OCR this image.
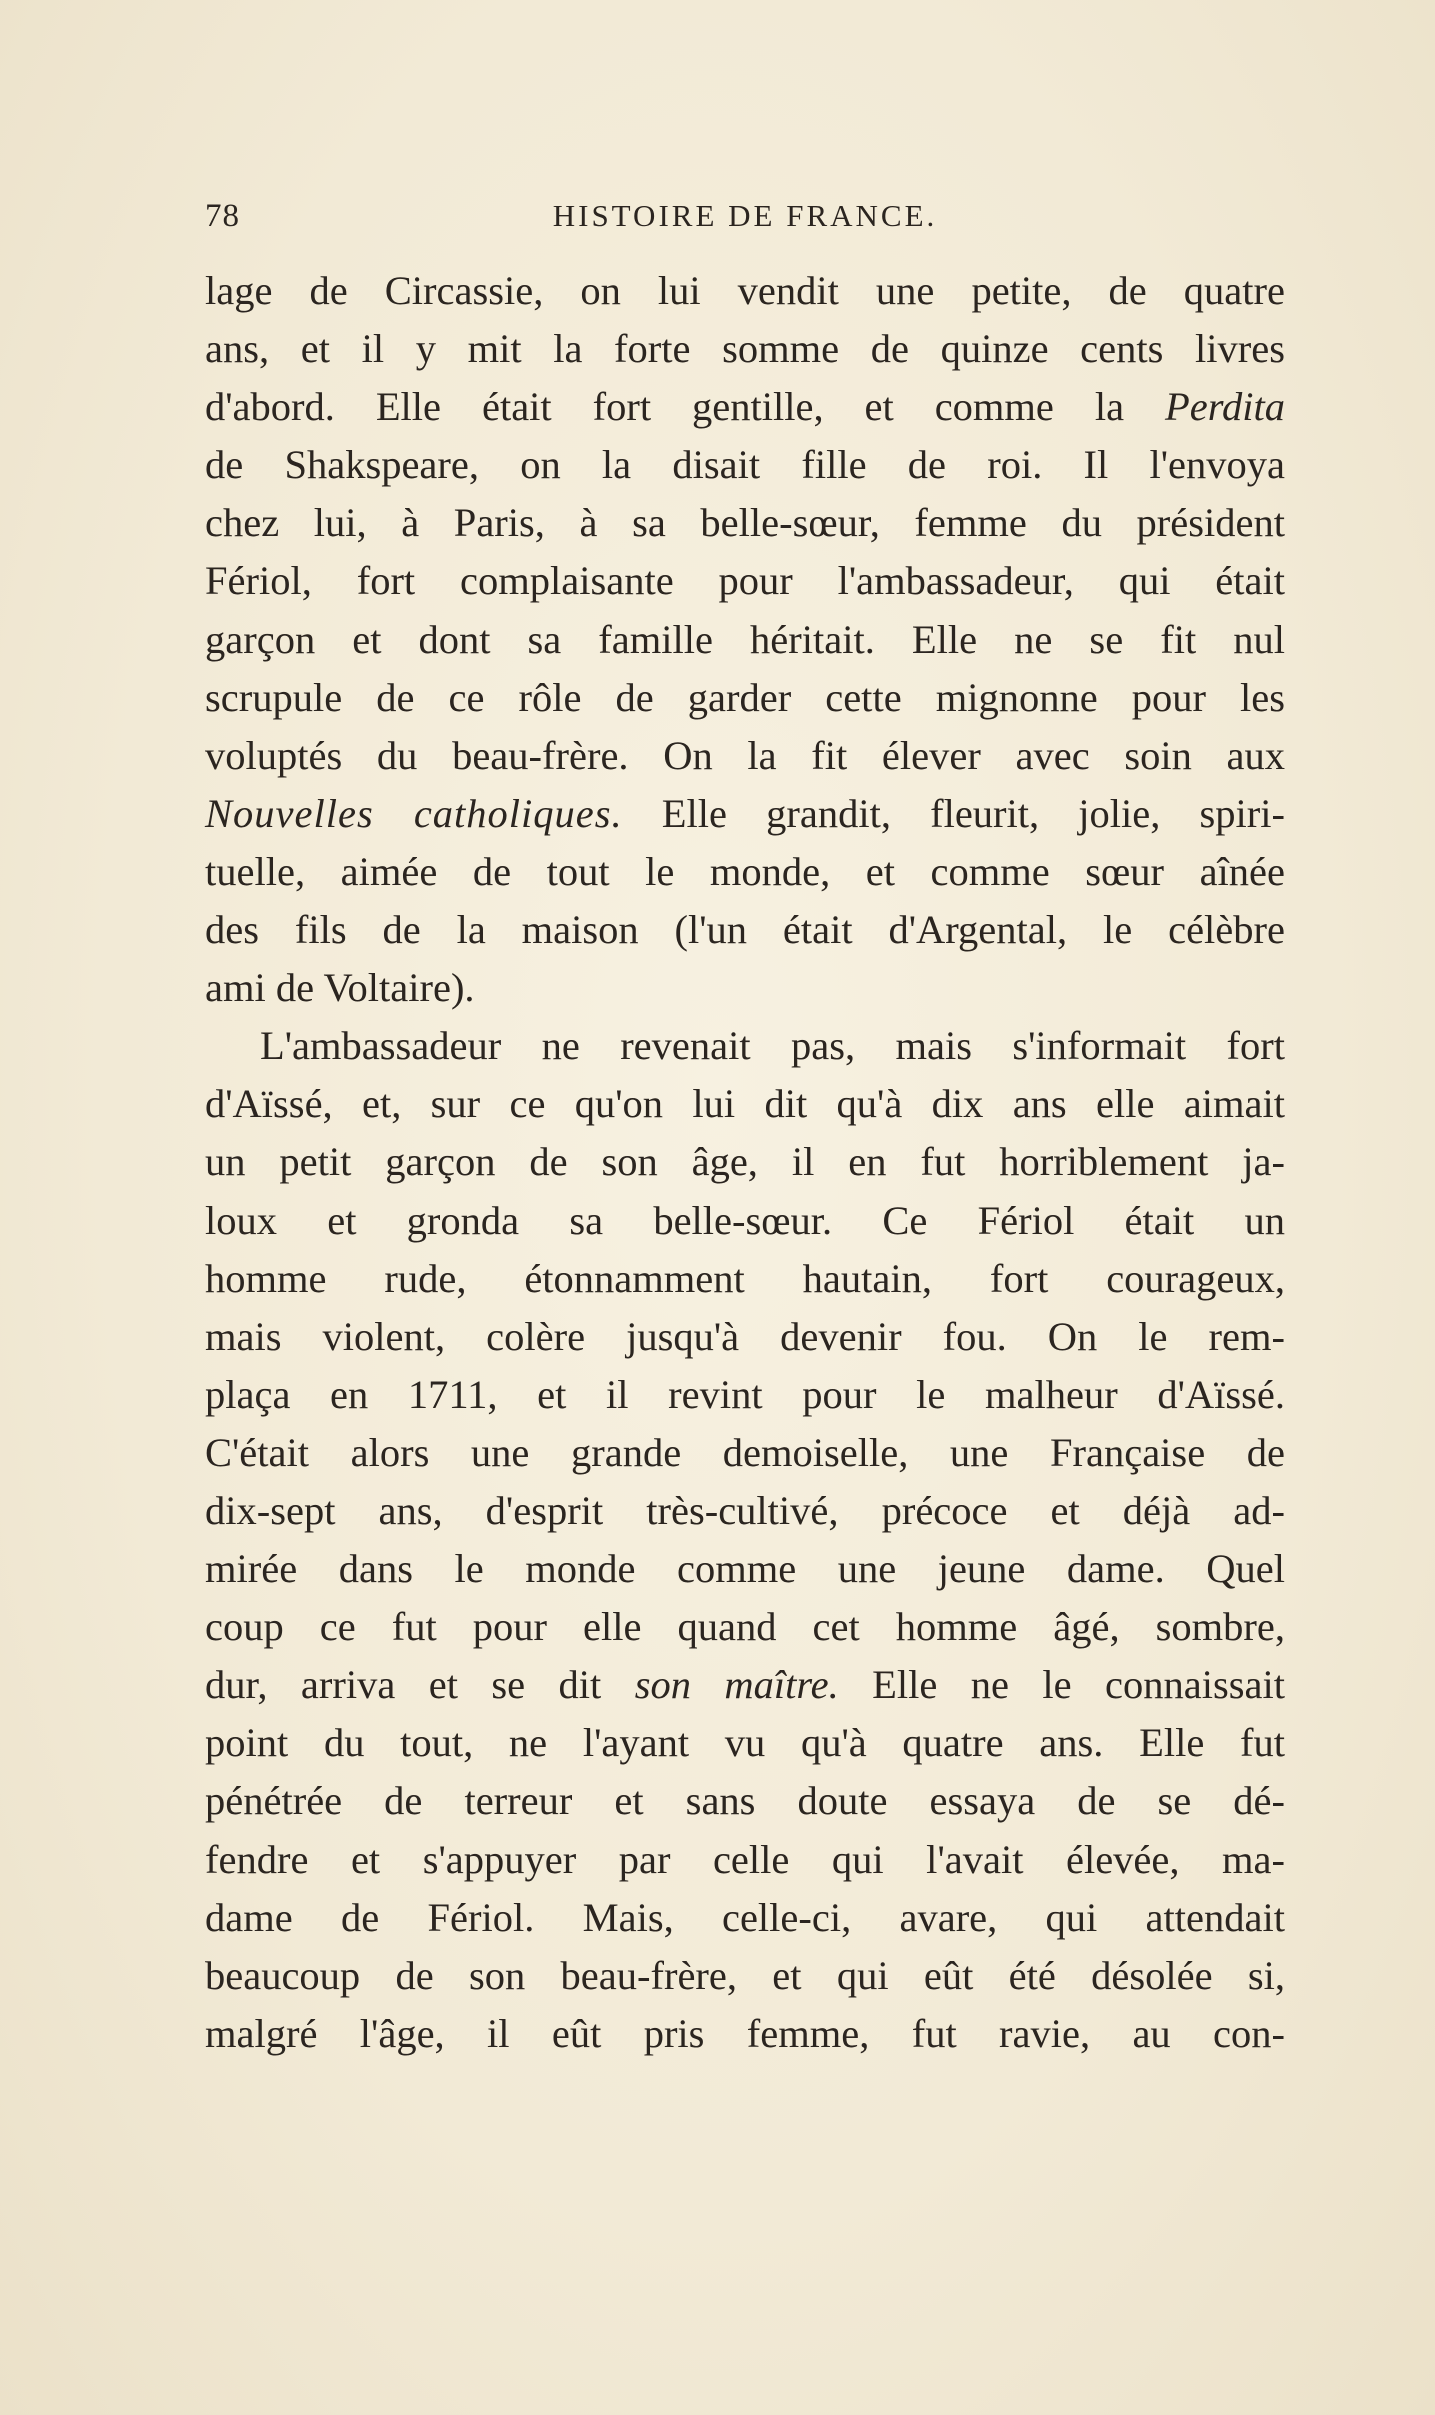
78	HISTOIRE DE FRANCE.
lage de Circassie, on lui vendit une petite, de quatre
ans, et il y mit la forte somme de quinze cents livres
d'abord. Elle était fort gentille, et comme la Perdita
de Shakspeare, on la disait fille de roi. Il l'envoya
chez lui, à Paris, à sa belle-sœur, femme du président
Fériol, fort complaisante pour l'ambassadeur, qui était
garçon et dont sa famille héritait. Elle ne se fit nul
scrupule de ce rôle de garder cette mignonne pour les
voluptés du beau-frère. On la fit élever avec soin aux
Nouvelles catholiques. Elle grandit, fleurit, jolie, spiri-
tuelle, aimée de tout le monde, et comme sœur aînée
des fils de la maison (l'un était d'Argental, le célèbre
ami de Voltaire).
L'ambassadeur ne revenait pas, mais s'informait fort
d'Aïssé, et, sur ce qu'on lui dit qu'à dix ans elle aimait
un petit garçon de son âge, il en fut horriblement ja-
loux et gronda sa belle-sœur. Ce Fériol était un
homme rude, étonnamment hautain, fort courageux,
mais violent, colère jusqu'à devenir fou. On le rem-
plaça en 1711, et il revint pour le malheur d'Aïssé.
C'était alors une grande demoiselle, une Française de
dix-sept ans, d'esprit très-cultivé, précoce et déjà ad-
mirée dans le monde comme une jeune dame. Quel
coup ce fut pour elle quand cet homme âgé, sombre,
dur, arriva et se dit son maître. Elle ne le connaissait
point du tout, ne l'ayant vu qu'à quatre ans. Elle fut
pénétrée de terreur et sans doute essaya de se dé-
fendre et s'appuyer par celle qui l'avait élevée, ma-
dame de Fériol. Mais, celle-ci, avare, qui attendait
beaucoup de son beau-frère, et qui eût été désolée si,
malgré l'âge, il eût pris femme, fut ravie, au con-
